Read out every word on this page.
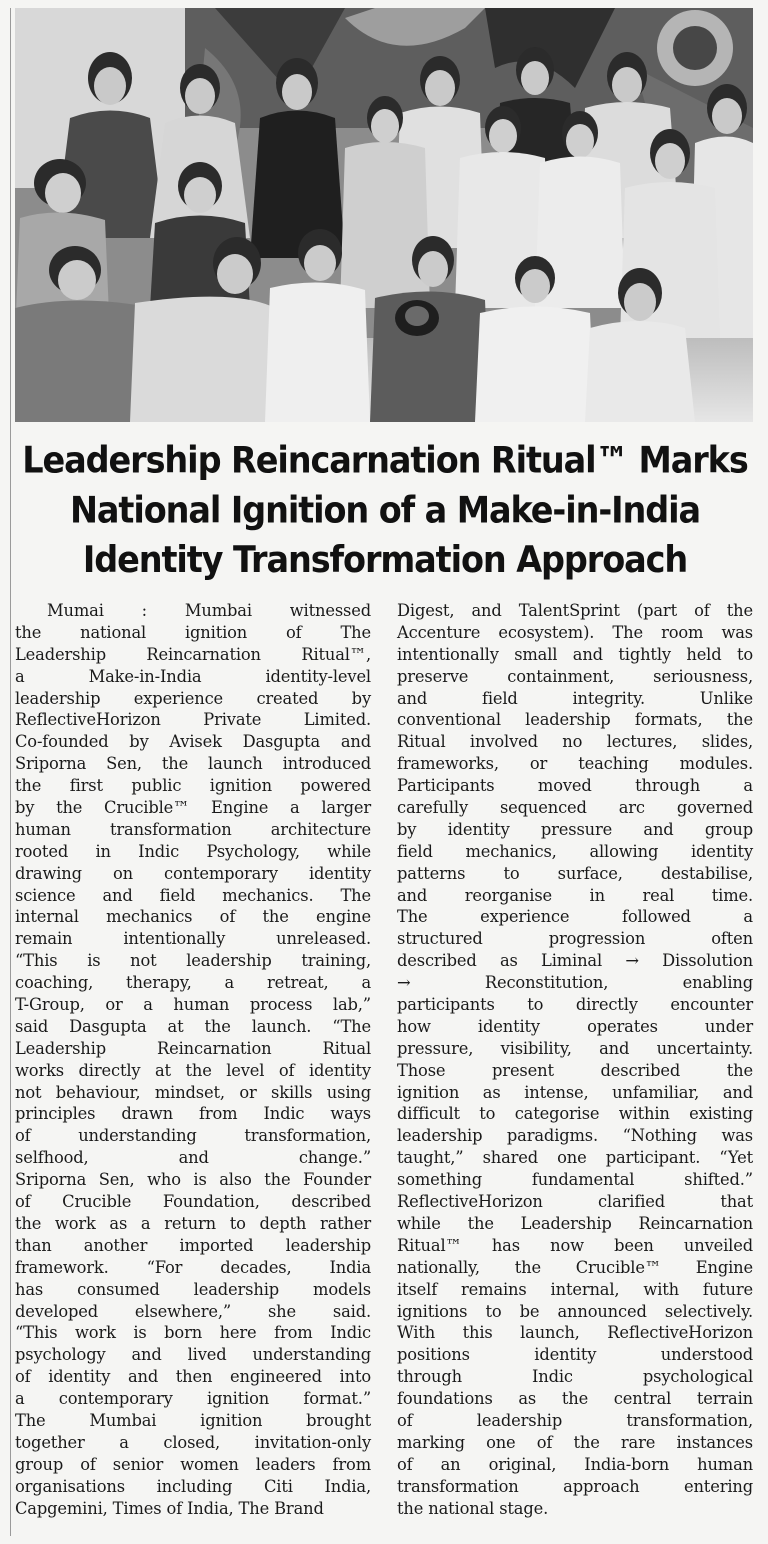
Leadership Reincarnation Ritual™ Marks
National Ignition of a Make-in-India
Identity Transformation Approach
Mumai : Mumbai witnessed
the national ignition of The
Leadership Reincarnation Ritual™,
a Make-in-India identity-level
leadership experience created by
ReflectiveHorizon Private Limited.
Co-founded by Avisek Dasgupta and
Sriporna Sen, the launch introduced
the first public ignition powered
by the Crucible™ Engine a larger
human transformation architecture
rooted in Indic Psychology, while
drawing on contemporary identity
science and field mechanics. The
internal mechanics of the engine
remain intentionally unreleased.
“This is not leadership training,
coaching, therapy, a retreat, a
T-Group, or a human process lab,”
said Dasgupta at the launch. “The
Leadership Reincarnation Ritual
works directly at the level of identity
not behaviour, mindset, or skills using
principles drawn from Indic ways
of understanding transformation,
selfhood, and change.”
Sriporna Sen, who is also the Founder
of Crucible Foundation, described
the work as a return to depth rather
than another imported leadership
framework. “For decades, India
has consumed leadership models
developed elsewhere,” she said.
“This work is born here from Indic
psychology and lived understanding
of identity and then engineered into
a contemporary ignition format.”
The Mumbai ignition brought
together a closed, invitation-only
group of senior women leaders from
organisations including Citi India,
Capgemini, Times of India, The Brand
Digest, and TalentSprint (part of the
Accenture ecosystem). The room was
intentionally small and tightly held to
preserve containment, seriousness,
and field integrity. Unlike
conventional leadership formats, the
Ritual involved no lectures, slides,
frameworks, or teaching modules.
Participants moved through a
carefully sequenced arc governed
by identity pressure and group
field mechanics, allowing identity
patterns to surface, destabilise,
and reorganise in real time.
The experience followed a
structured progression often
described as Liminal → Dissolution
→ Reconstitution, enabling
participants to directly encounter
how identity operates under
pressure, visibility, and uncertainty.
Those present described the
ignition as intense, unfamiliar, and
difficult to categorise within existing
leadership paradigms. “Nothing was
taught,” shared one participant. “Yet
something fundamental shifted.”
ReflectiveHorizon clarified that
while the Leadership Reincarnation
Ritual™ has now been unveiled
nationally, the Crucible™ Engine
itself remains internal, with future
ignitions to be announced selectively.
With this launch, ReflectiveHorizon
positions identity understood
through Indic psychological
foundations as the central terrain
of leadership transformation,
marking one of the rare instances
of an original, India-born human
transformation approach entering
the national stage.
